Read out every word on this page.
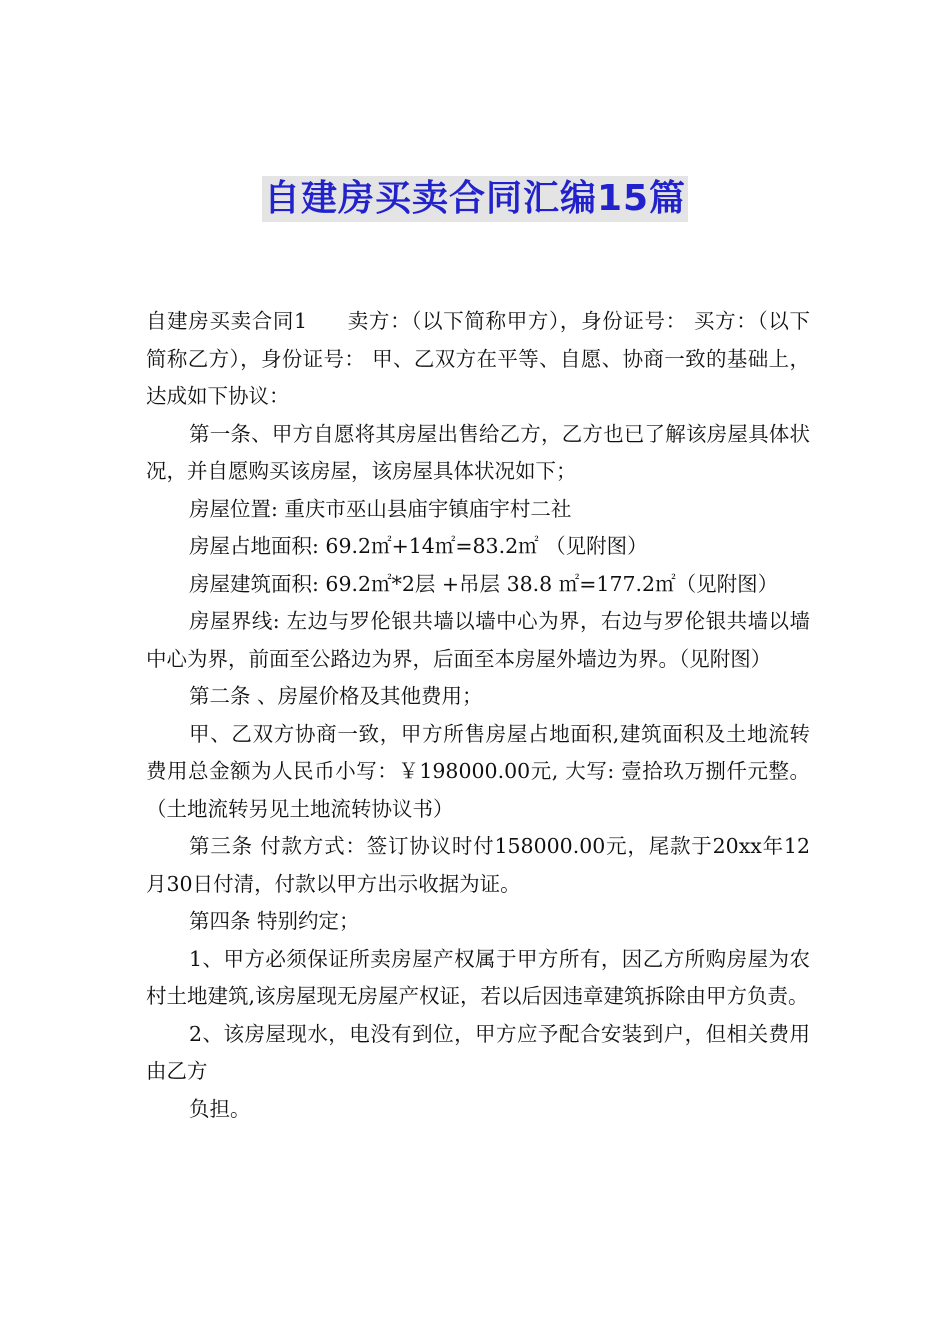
自建房买卖合同汇编15篇

自建房买卖合同1 卖方：（以下简称甲方），身份证号： 买方：（以下简称乙方），身份证号： 甲、乙双方在平等、自愿、协商一致的基础上，达成如下协议：

第一条、甲方自愿将其房屋出售给乙方，乙方也已了解该房屋具体状况，并自愿购买该房屋，该房屋具体状况如下；

房屋位置: 重庆市巫山县庙宇镇庙宇村二社

房屋占地面积: 69.2㎡+14㎡=83.2㎡ （见附图）

房屋建筑面积: 69.2㎡*2层 +吊层 38.8 ㎡=177.2㎡（见附图）

房屋界线: 左边与罗伦银共墙以墙中心为界，右边与罗伦银共墙以墙中心为界，前面至公路边为界，后面至本房屋外墙边为界。（见附图）

第二条 、房屋价格及其他费用；

甲、乙双方协商一致，甲方所售房屋占地面积,建筑面积及土地流转费用总金额为人民币小写：￥198000.00元, 大写: 壹拾玖万捌仟元整。（土地流转另见土地流转协议书）

第三条 付款方式：签订协议时付158000.00元，尾款于20xx年12月30日付清，付款以甲方出示收据为证。

第四条 特别约定；

1、甲方必须保证所卖房屋产权属于甲方所有，因乙方所购房屋为农村土地建筑,该房屋现无房屋产权证，若以后因违章建筑拆除由甲方负责。

2、该房屋现水，电没有到位，甲方应予配合安装到户，但相关费用由乙方

负担。
